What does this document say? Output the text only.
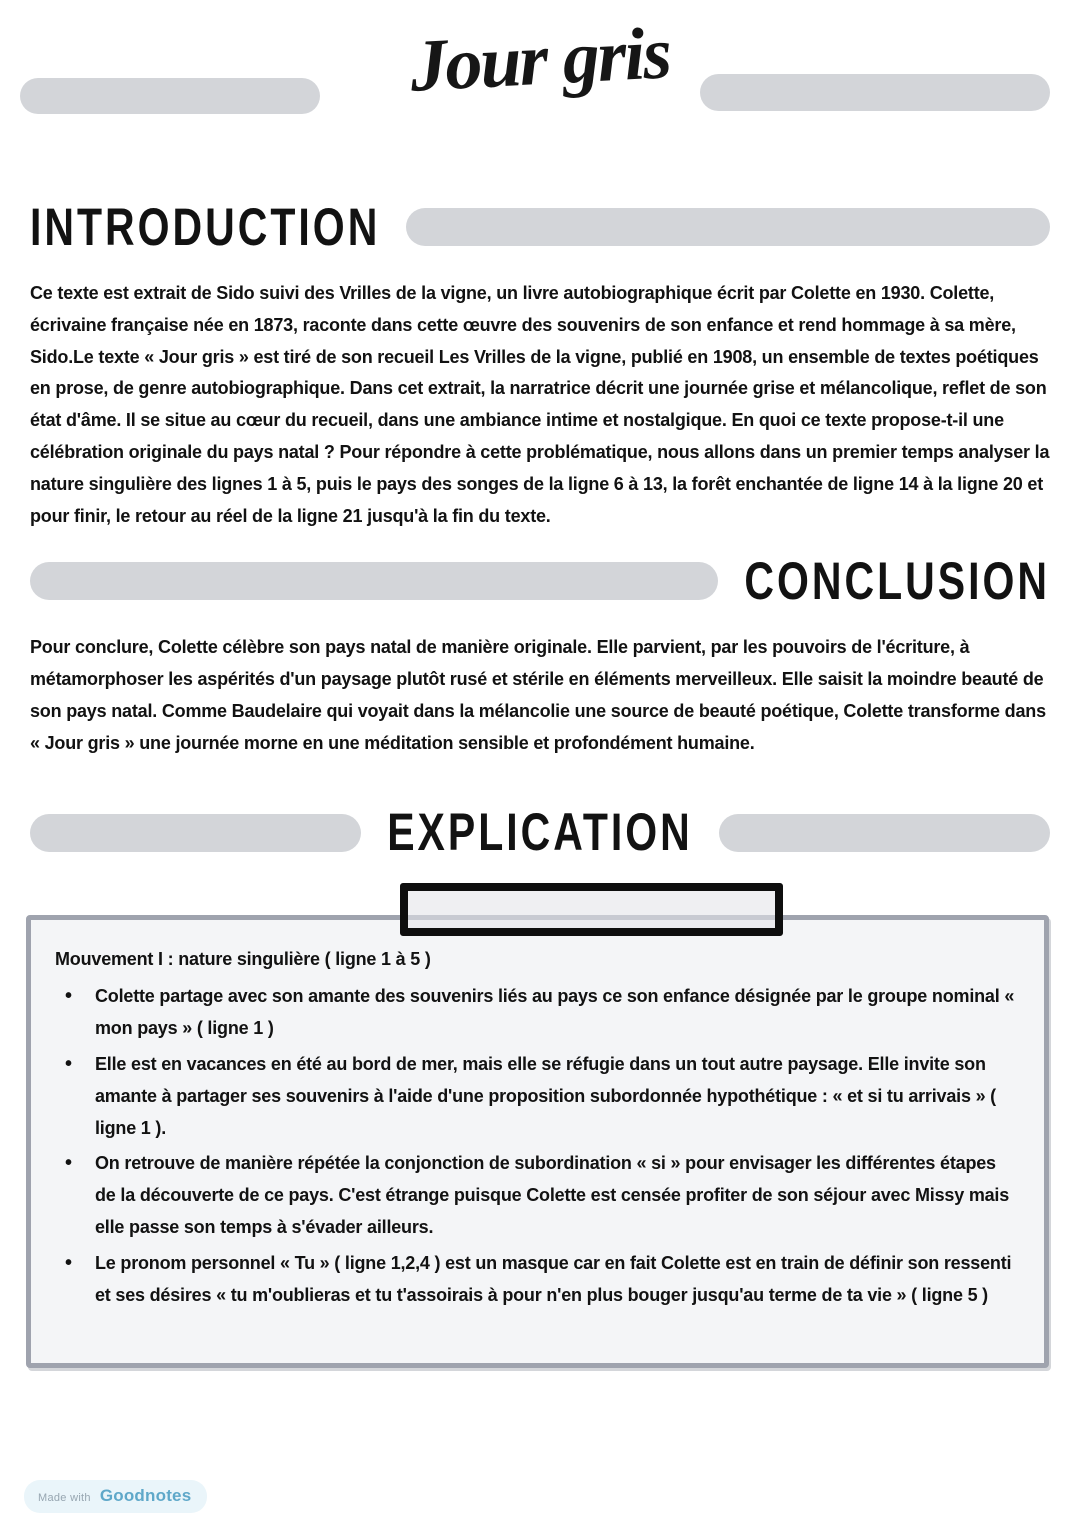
Jour gris
INTRODUCTION

Ce texte est extrait de Sido suivi des Vrilles de la vigne, un livre autobiographique écrit par Colette en 1930. Colette, écrivaine française née en 1873, raconte dans cette œuvre des souvenirs de son enfance et rend hommage à sa mère, Sido.Le texte « Jour gris » est tiré de son recueil Les Vrilles de la vigne, publié en 1908, un ensemble de textes poétiques en prose, de genre autobiographique. Dans cet extrait, la narratrice décrit une journée grise et mélancolique, reflet de son état d'âme. Il se situe au cœur du recueil, dans une ambiance intime et nostalgique. En quoi ce texte propose-t-il une célébration originale du pays natal ? Pour répondre à cette problématique, nous allons dans un premier temps analyser la nature singulière des lignes 1 à 5, puis le pays des songes de la ligne 6 à 13, la forêt enchantée de ligne 14 à la ligne 20 et pour finir, le retour au réel de la ligne 21 jusqu'à la fin du texte.

CONCLUSION

Pour conclure, Colette célèbre son pays natal de manière originale. Elle parvient, par les pouvoirs de l'écriture, à métamorphoser les aspérités d'un paysage plutôt rusé et stérile en éléments merveilleux. Elle saisit la moindre beauté de son pays natal. Comme Baudelaire qui voyait dans la mélancolie une source de beauté poétique, Colette transforme dans « Jour gris » une journée morne en une méditation sensible et profondément humaine.

EXPLICATION
Mouvement I : nature singulière ( ligne 1 à 5 )
• Colette partage avec son amante des souvenirs liés au pays ce son enfance désignée par le groupe nominal « mon pays » ( ligne 1 )
• Elle est en vacances en été au bord de mer, mais elle se réfugie dans un tout autre paysage. Elle invite son amante à partager ses souvenirs à l'aide d'une proposition subordonnée hypothétique : « et si tu arrivais » ( ligne 1 ).
• On retrouve de manière répétée la conjonction de subordination « si » pour envisager les différentes étapes de la découverte de ce pays. C'est étrange puisque Colette est censée profiter de son séjour avec Missy mais elle passe son temps à s'évader ailleurs.
• Le pronom personnel « Tu » ( ligne 1,2,4 ) est un masque car en fait Colette est en train de définir son ressenti et ses désires « tu m'oublieras et tu t'assoirais à pour n'en plus bouger jusqu'au terme de ta vie » ( ligne 5 )
Made with Goodnotes
